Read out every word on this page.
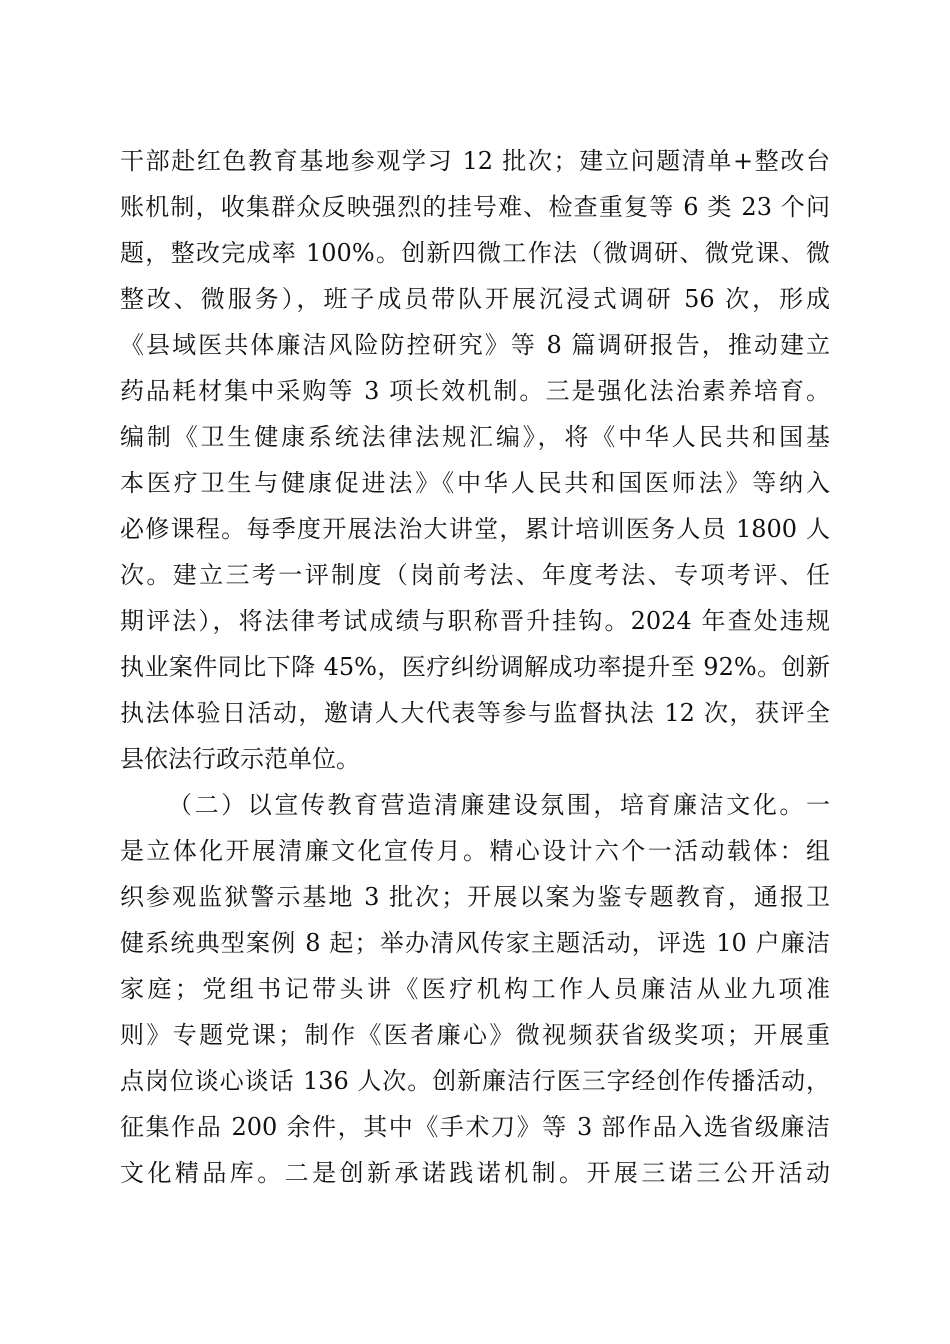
干部赴红色教育基地参观学习 12 批次；建立问题清单+整改台
账机制，收集群众反映强烈的挂号难、检查重复等 6 类 23 个问
题，整改完成率 100%。创新四微工作法（微调研、微党课、微
整改、微服务），班子成员带队开展沉浸式调研 56 次，形成
《县域医共体廉洁风险防控研究》等 8 篇调研报告，推动建立
药品耗材集中采购等 3 项长效机制。三是强化法治素养培育。
编制《卫生健康系统法律法规汇编》，将《中华人民共和国基
本医疗卫生与健康促进法》《中华人民共和国医师法》等纳入
必修课程。每季度开展法治大讲堂，累计培训医务人员 1800 人
次。建立三考一评制度（岗前考法、年度考法、专项考评、任
期评法），将法律考试成绩与职称晋升挂钩。2024 年查处违规
执业案件同比下降 45%，医疗纠纷调解成功率提升至 92%。创新
执法体验日活动，邀请人大代表等参与监督执法 12 次，获评全
县依法行政示范单位。
（二）以宣传教育营造清廉建设氛围，培育廉洁文化。一
是立体化开展清廉文化宣传月。精心设计六个一活动载体：组
织参观监狱警示基地 3 批次；开展以案为鉴专题教育，通报卫
健系统典型案例 8 起；举办清风传家主题活动，评选 10 户廉洁
家庭；党组书记带头讲《医疗机构工作人员廉洁从业九项准
则》专题党课；制作《医者廉心》微视频获省级奖项；开展重
点岗位谈心谈话 136 人次。创新廉洁行医三字经创作传播活动，
征集作品 200 余件，其中《手术刀》等 3 部作品入选省级廉洁
文化精品库。二是创新承诺践诺机制。开展三诺三公开活动
